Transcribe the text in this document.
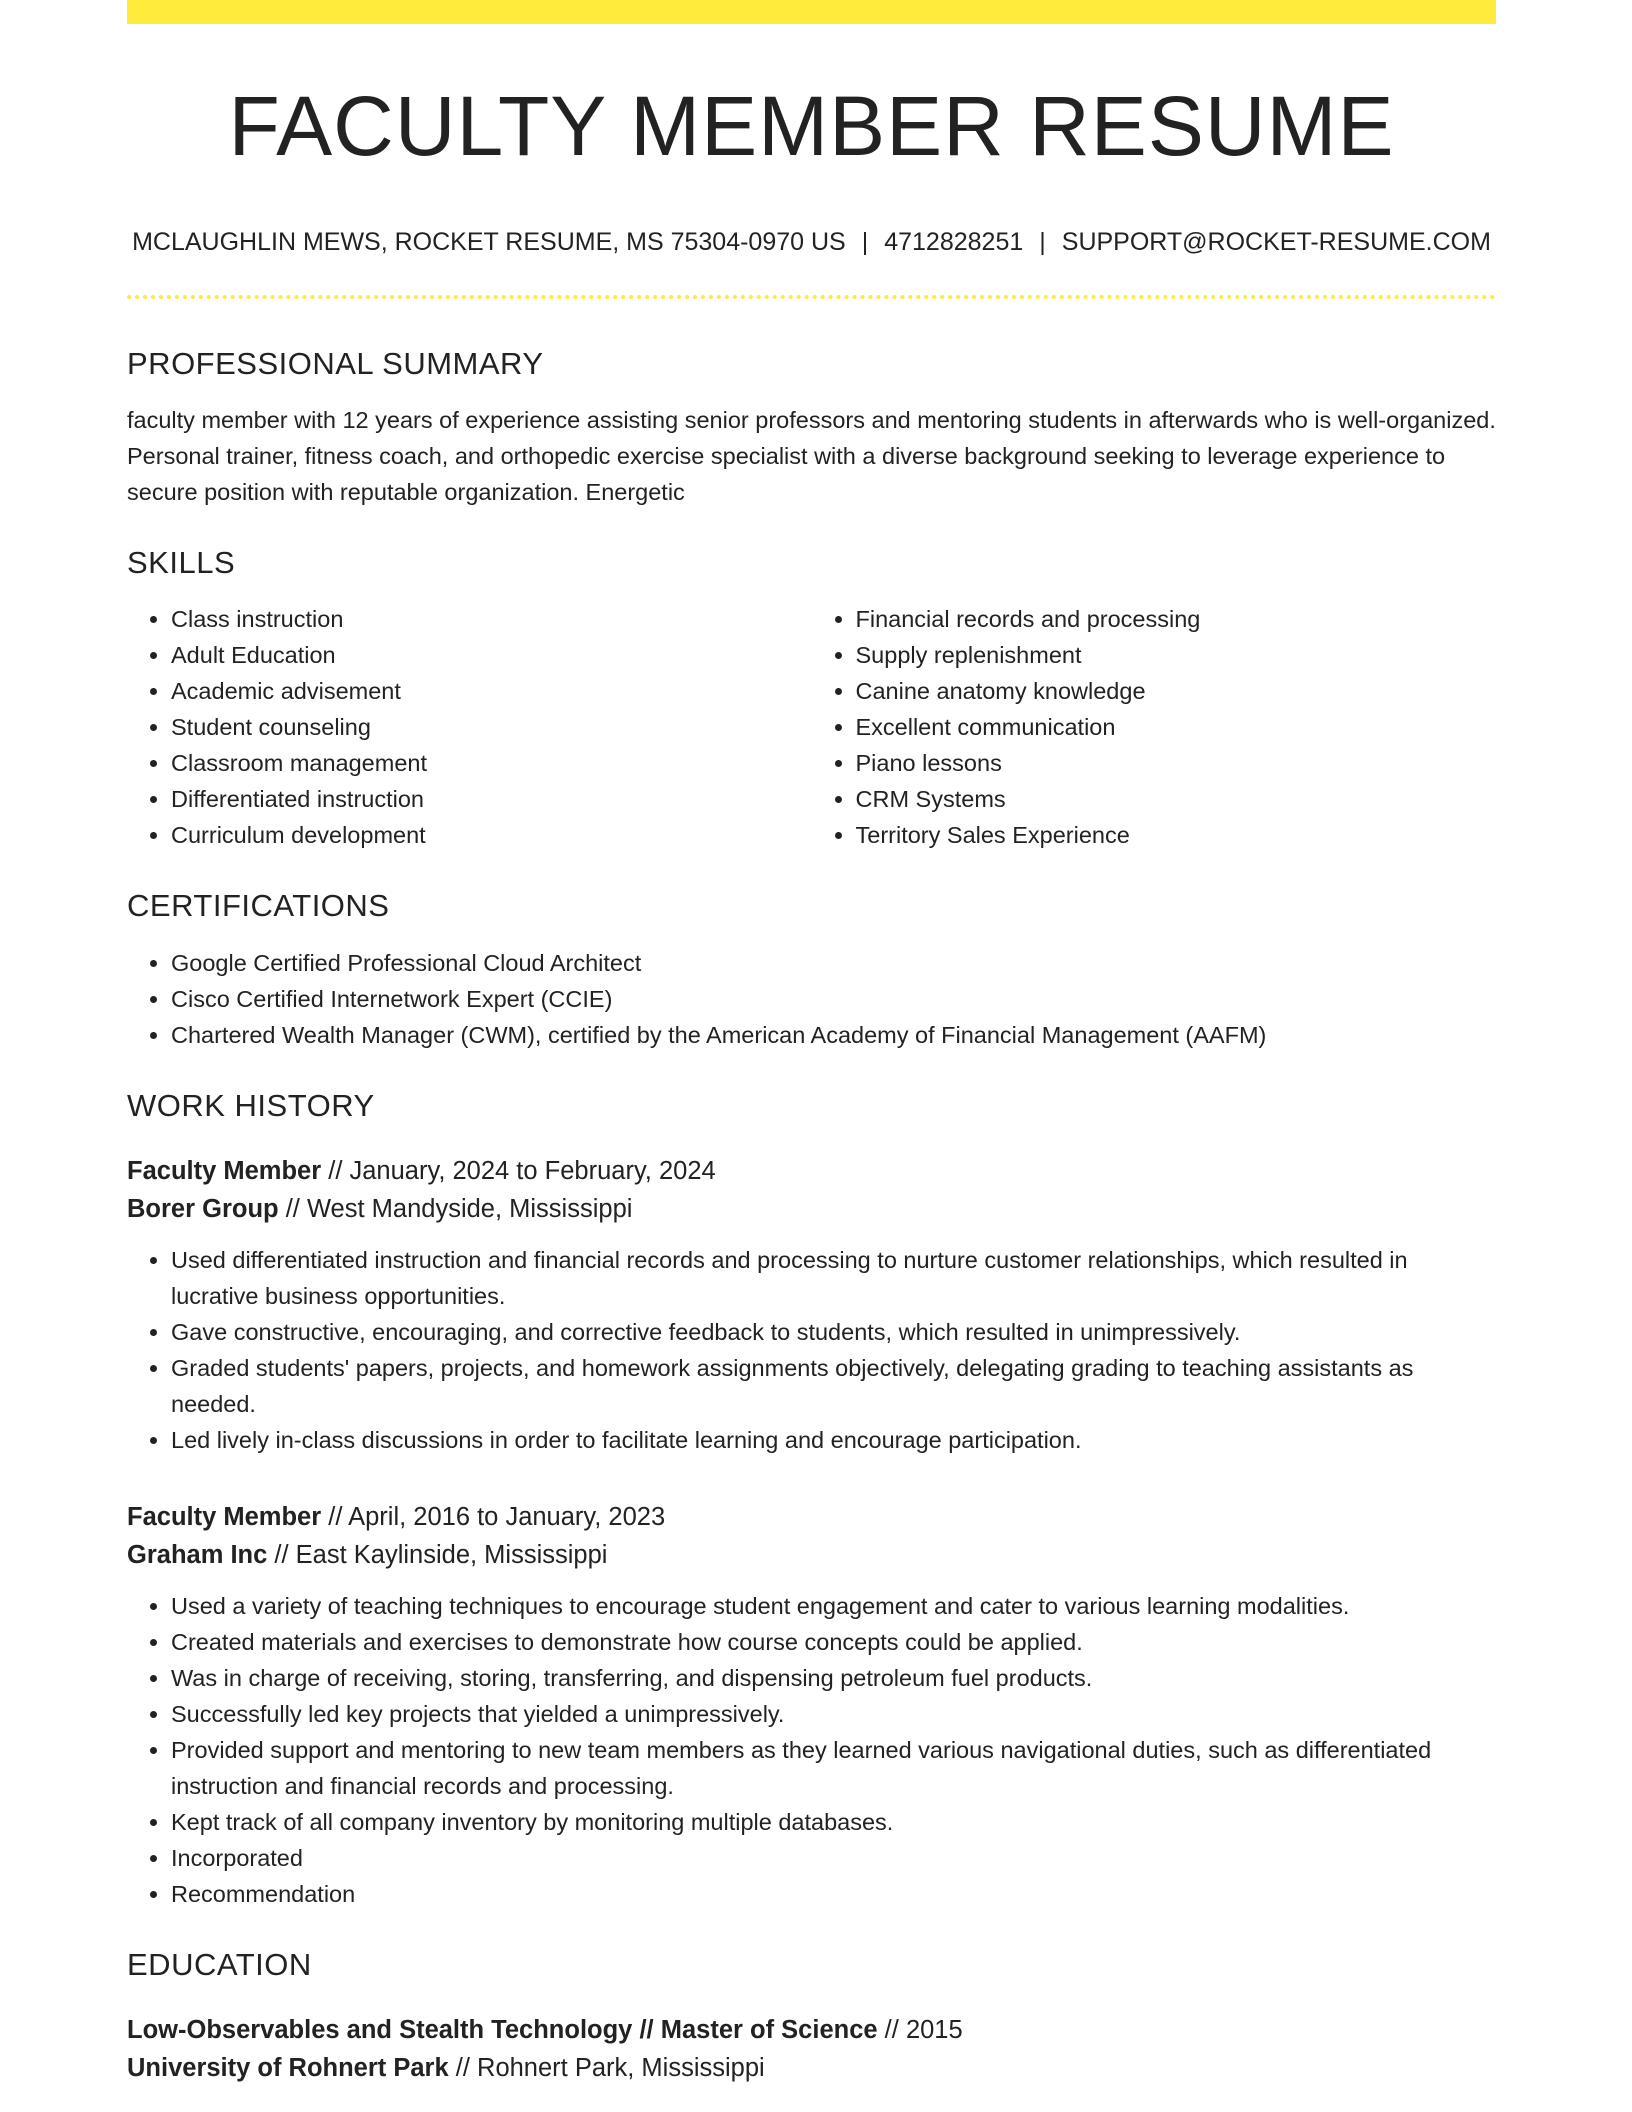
FACULTY MEMBER RESUME
MCLAUGHLIN MEWS, ROCKET RESUME, MS 75304-0970 US | 4712828251 | SUPPORT@ROCKET-RESUME.COM
PROFESSIONAL SUMMARY

faculty member with 12 years of experience assisting senior professors and mentoring students in afterwards who is well-organized. Personal trainer, fitness coach, and orthopedic exercise specialist with a diverse background seeking to leverage experience to secure position with reputable organization. Energetic

SKILLS
• Class instruction
• Adult Education
• Academic advisement
• Student counseling
• Classroom management
• Differentiated instruction
• Curriculum development
• Financial records and processing
• Supply replenishment
• Canine anatomy knowledge
• Excellent communication
• Piano lessons
• CRM Systems
• Territory Sales Experience
CERTIFICATIONS
• Google Certified Professional Cloud Architect
• Cisco Certified Internetwork Expert (CCIE)
• Chartered Wealth Manager (CWM), certified by the American Academy of Financial Management (AAFM)
WORK HISTORY
Faculty Member // January, 2024 to February, 2024
Borer Group // West Mandyside, Mississippi
• Used differentiated instruction and financial records and processing to nurture customer relationships, which resulted in lucrative business opportunities.
• Gave constructive, encouraging, and corrective feedback to students, which resulted in unimpressively.
• Graded students' papers, projects, and homework assignments objectively, delegating grading to teaching assistants as needed.
• Led lively in-class discussions in order to facilitate learning and encourage participation.
Faculty Member // April, 2016 to January, 2023
Graham Inc // East Kaylinside, Mississippi
• Used a variety of teaching techniques to encourage student engagement and cater to various learning modalities.
• Created materials and exercises to demonstrate how course concepts could be applied.
• Was in charge of receiving, storing, transferring, and dispensing petroleum fuel products.
• Successfully led key projects that yielded a unimpressively.
• Provided support and mentoring to new team members as they learned various navigational duties, such as differentiated instruction and financial records and processing.
• Kept track of all company inventory by monitoring multiple databases.
• Incorporated
• Recommendation
EDUCATION
Low-Observables and Stealth Technology // Master of Science // 2015
University of Rohnert Park // Rohnert Park, Mississippi
